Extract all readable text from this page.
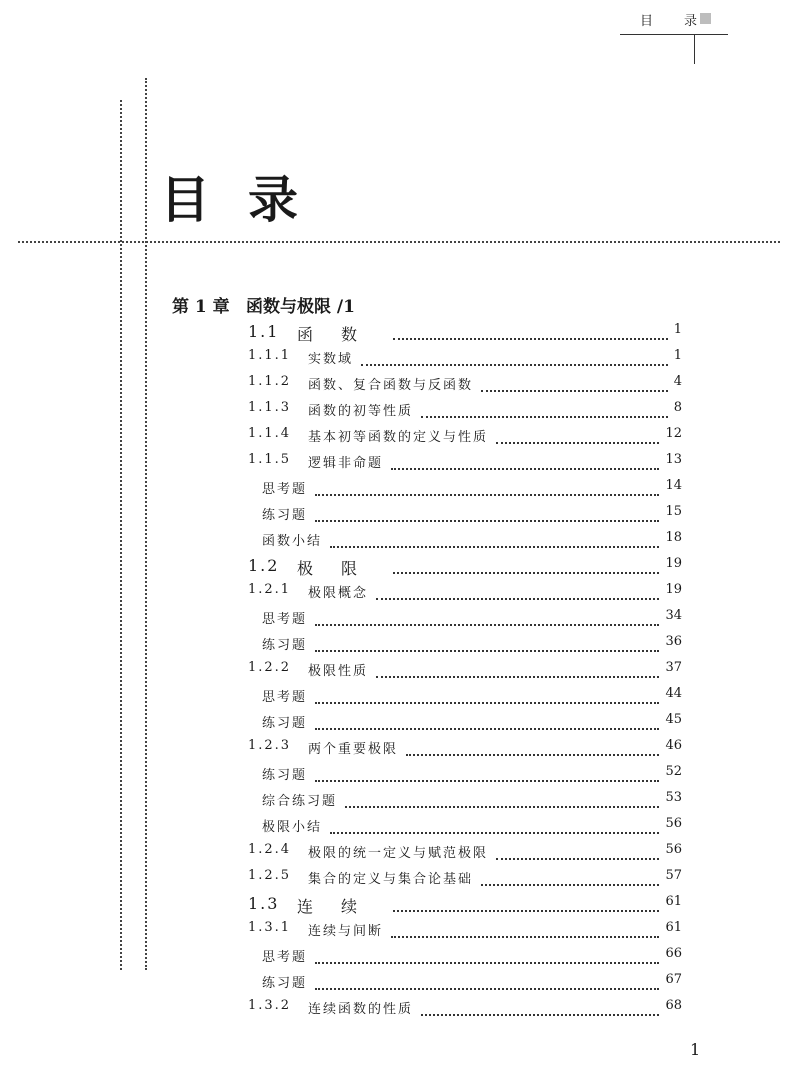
目 录
目 录
第 1 章 函数与极限 /1
1.1 函数	1
1.1.1 实数域	1
1.1.2 函数、复合函数与反函数	4
1.1.3 函数的初等性质	8
1.1.4 基本初等函数的定义与性质	12
1.1.5 逻辑非命题	13
思考题	14
练习题	15
函数小结	18
1.2 极限	19
1.2.1 极限概念	19
思考题	34
练习题	36
1.2.2 极限性质	37
思考题	44
练习题	45
1.2.3 两个重要极限	46
练习题	52
综合练习题	53
极限小结	56
1.2.4 极限的统一定义与赋范极限	56
1.2.5 集合的定义与集合论基础	57
1.3 连续	61
1.3.1 连续与间断	61
思考题	66
练习题	67
1.3.2 连续函数的性质	68
1
